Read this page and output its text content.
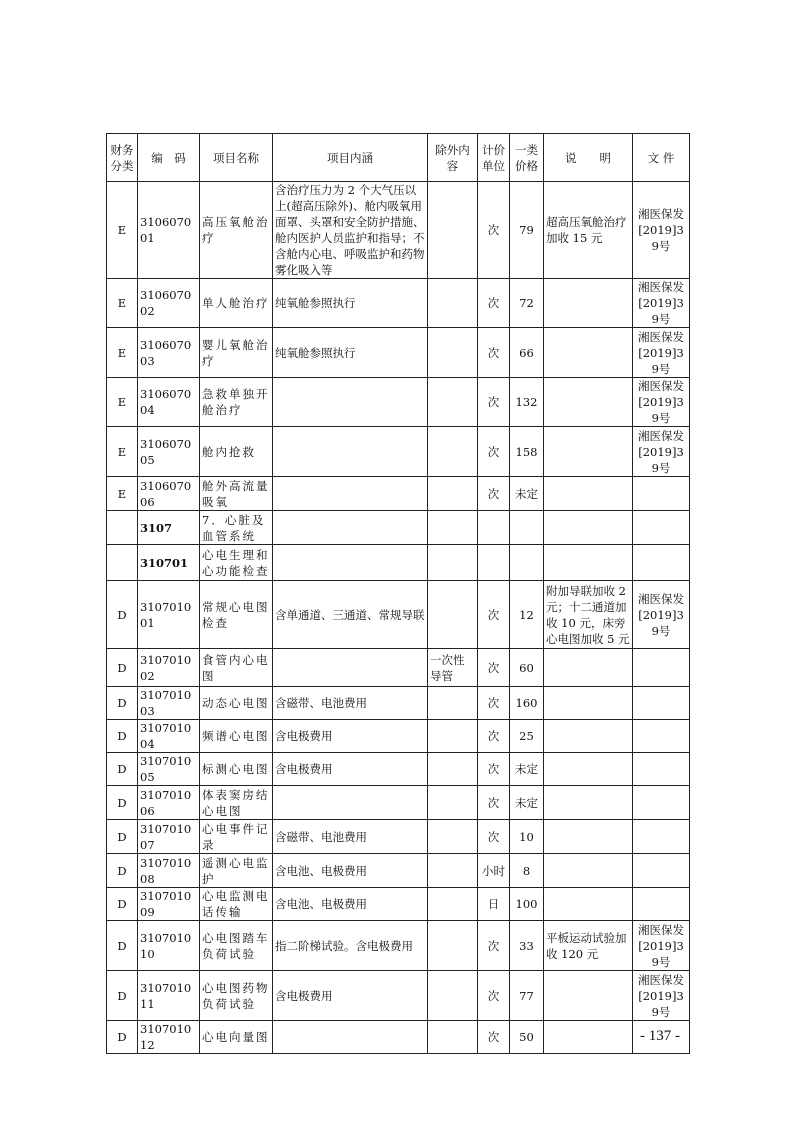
财务分类	编　码	项目名称	项目内涵	除外内容	计价单位	一类价格	说　　明	文 件
E	310607001	高压氧舱治疗	含治疗压力为 2 个大气压以上(超高压除外)、舱内吸氧用面罩、头罩和安全防护措施、舱内医护人员监护和指导；不含舱内心电、呼吸监护和药物雾化吸入等		次	79	超高压氧舱治疗加收 15 元	湘医保发[2019]39号
E	310607002	单人舱治疗	纯氧舱参照执行		次	72		湘医保发[2019]39号
E	310607003	婴儿氧舱治疗	纯氧舱参照执行		次	66		湘医保发[2019]39号
E	310607004	急救单独开舱治疗			次	132		湘医保发[2019]39号
E	310607005	舱内抢救			次	158		湘医保发[2019]39号
E	310607006	舱外高流量吸氧			次	未定		
	3107	7．心脏及血管系统						
	310701	心电生理和心功能检查						
D	310701001	常规心电图检查	含单通道、三通道、常规导联		次	12	附加导联加收 2 元；十二通道加收 10 元，床旁心电图加收 5 元	湘医保发[2019]39号
D	310701002	食管内心电图		一次性导管	次	60		
D	310701003	动态心电图	含磁带、电池费用		次	160		
D	310701004	频谱心电图	含电极费用		次	25		
D	310701005	标测心电图	含电极费用		次	未定		
D	310701006	体表窦房结心电图			次	未定		
D	310701007	心电事件记录	含磁带、电池费用		次	10		
D	310701008	遥测心电监护	含电池、电极费用		小时	8		
D	310701009	心电监测电话传输	含电池、电极费用		日	100		
D	310701010	心电图踏车负荷试验	指二阶梯试验。含电极费用		次	33	平板运动试验加收 120 元	湘医保发[2019]39号
D	310701011	心电图药物负荷试验	含电极费用		次	77		湘医保发[2019]39号
D	310701012	心电向量图			次	50			- 137 -
